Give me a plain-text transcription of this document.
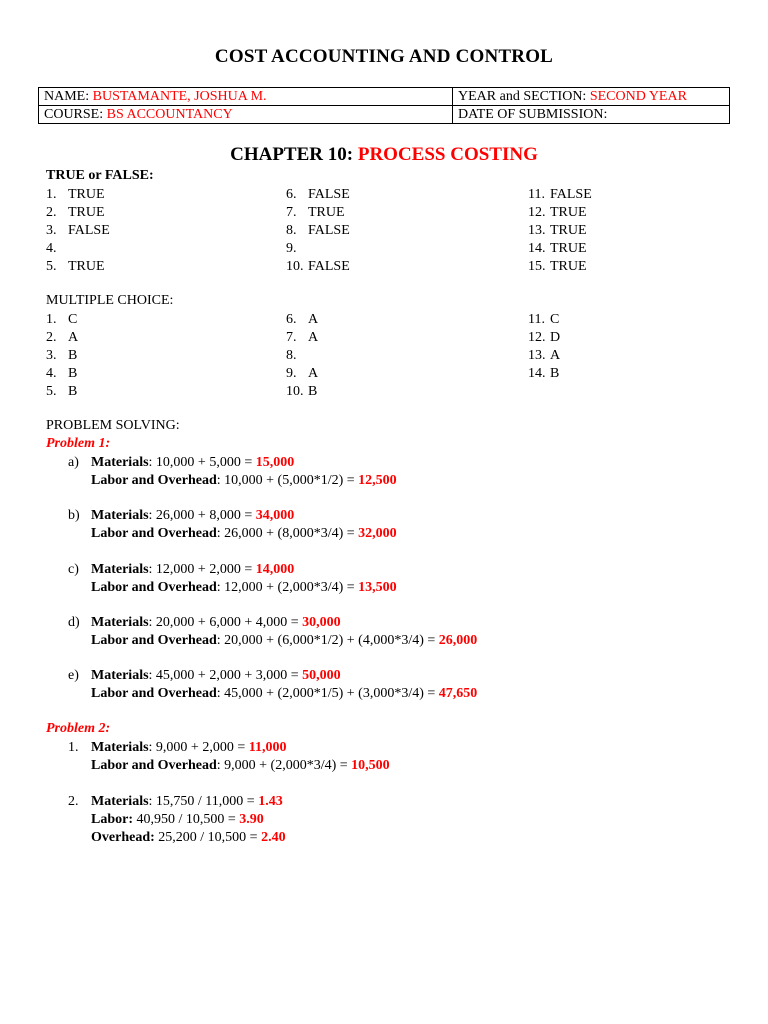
COST ACCOUNTING AND CONTROL
NAME: BUSTAMANTE, JOSHUA M.	YEAR and SECTION: SECOND YEAR
COURSE: BS ACCOUNTANCY	DATE OF SUBMISSION:
CHAPTER 10: PROCESS COSTING
TRUE or FALSE:
1. TRUE
2. TRUE
3. FALSE
4.
5. TRUE
6. FALSE
7. TRUE
8. FALSE
9.
10. FALSE
11. FALSE
12. TRUE
13. TRUE
14. TRUE
15. TRUE
MULTIPLE CHOICE:
1. C
2. A
3. B
4. B
5. B
6. A
7. A
8.
9. A
10. B
11. C
12. D
13. A
14. B
PROBLEM SOLVING:
Problem 1:
a) Materials: 10,000 + 5,000 = 15,000
Labor and Overhead: 10,000 + (5,000*1/2) = 12,500
b) Materials: 26,000 + 8,000 = 34,000
Labor and Overhead: 26,000 + (8,000*3/4) = 32,000
c) Materials: 12,000 + 2,000 = 14,000
Labor and Overhead: 12,000 + (2,000*3/4) = 13,500
d) Materials: 20,000 + 6,000 + 4,000 = 30,000
Labor and Overhead: 20,000 + (6,000*1/2) + (4,000*3/4) = 26,000
e) Materials: 45,000 + 2,000 + 3,000 = 50,000
Labor and Overhead: 45,000 + (2,000*1/5) + (3,000*3/4) = 47,650
Problem 2:
1. Materials: 9,000 + 2,000 = 11,000
Labor and Overhead: 9,000 + (2,000*3/4) = 10,500
2. Materials: 15,750 / 11,000 = 1.43
Labor: 40,950 / 10,500 = 3.90
Overhead: 25,200 / 10,500 = 2.40
